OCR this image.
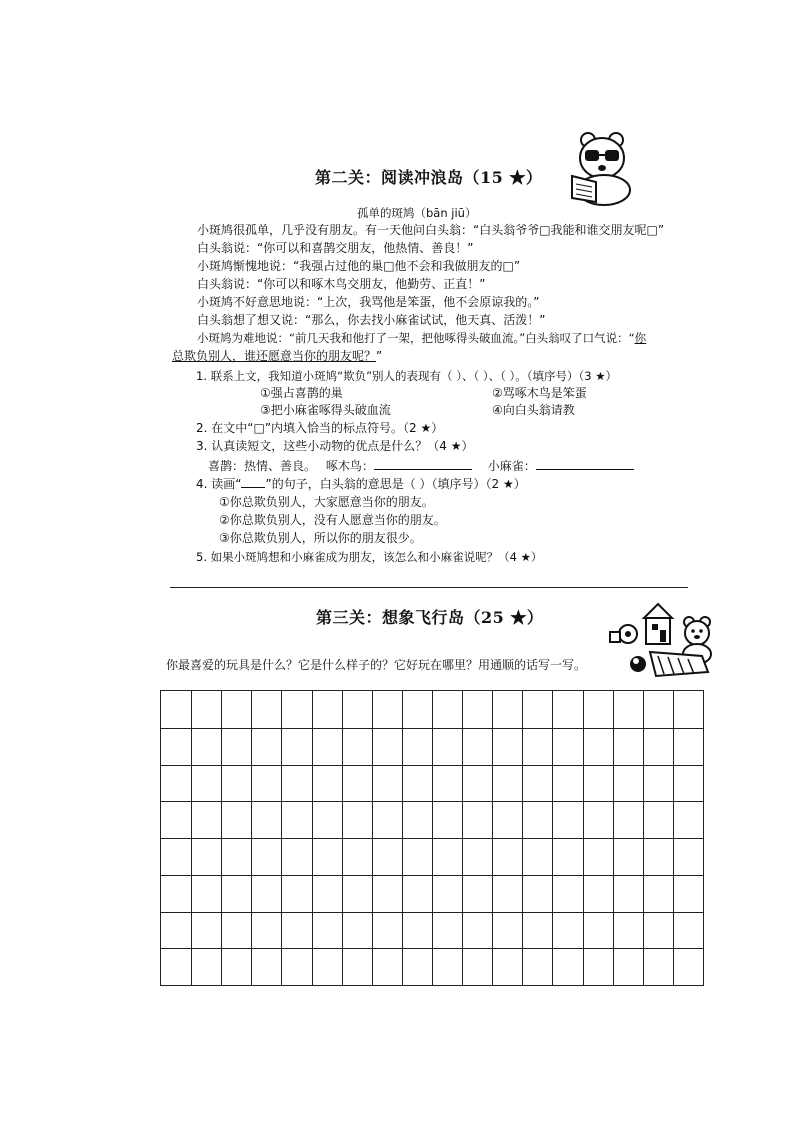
第二关：阅读冲浪岛（15 ★）
孤单的斑鸠（bān jiū）
小斑鸠很孤单，几乎没有朋友。有一天他问白头翁：“白头翁爷爷□我能和谁交朋友呢□”
白头翁说：“你可以和喜鹊交朋友，他热情、善良！”
小斑鸠惭愧地说：“我强占过他的巢□他不会和我做朋友的□”
白头翁说：“你可以和啄木鸟交朋友，他勤劳、正直！”
小斑鸠不好意思地说：“上次，我骂他是笨蛋，他不会原谅我的。”
白头翁想了想又说：“那么，你去找小麻雀试试，他天真、活泼！”
小斑鸠为难地说：“前几天我和他打了一架，把他啄得头破血流。”白头翁叹了口气说：“你
总欺负别人，谁还愿意当你的朋友呢？”
1. 联系上文，我知道小斑鸠“欺负”别人的表现有（ ）、（ ）、（ ）。（填序号）（3 ★）
①强占喜鹊的巢	②骂啄木鸟是笨蛋
③把小麻雀啄得头破血流	④向白头翁请教
2. 在文中“□”内填入恰当的标点符号。（2 ★）
3. 认真读短文，这些小动物的优点是什么？（4 ★）
喜鹊：热情、善良。 啄木鸟：	小麻雀：
4. 读画“ ”的句子，白头翁的意思是（ ）（填序号）（2 ★）
①你总欺负别人，大家愿意当你的朋友。
②你总欺负别人，没有人愿意当你的朋友。
③你总欺负别人，所以你的朋友很少。
5. 如果小斑鸠想和小麻雀成为朋友，该怎么和小麻雀说呢？（4 ★）
第三关：想象飞行岛（25 ★）
你最喜爱的玩具是什么？它是什么样子的？它好玩在哪里？用通顺的话写一写。
